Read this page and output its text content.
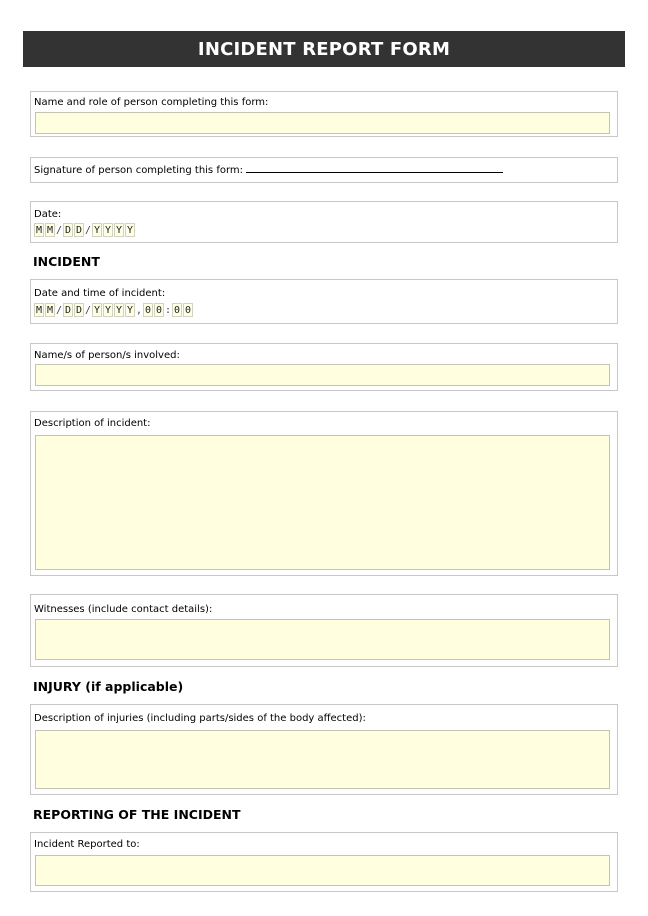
INCIDENT REPORT FORM
Name and role of person completing this form:
Signature of person completing this form:
Date:
M M / D D / Y Y Y Y
INCIDENT
Date and time of incident:
M M / D D / Y Y Y Y , 0 0 : 0 0
Name/s of person/s involved:
Description of incident:
Witnesses (include contact details):
INJURY (if applicable)
Description of injuries (including parts/sides of the body affected):
REPORTING OF THE INCIDENT
Incident Reported to:
